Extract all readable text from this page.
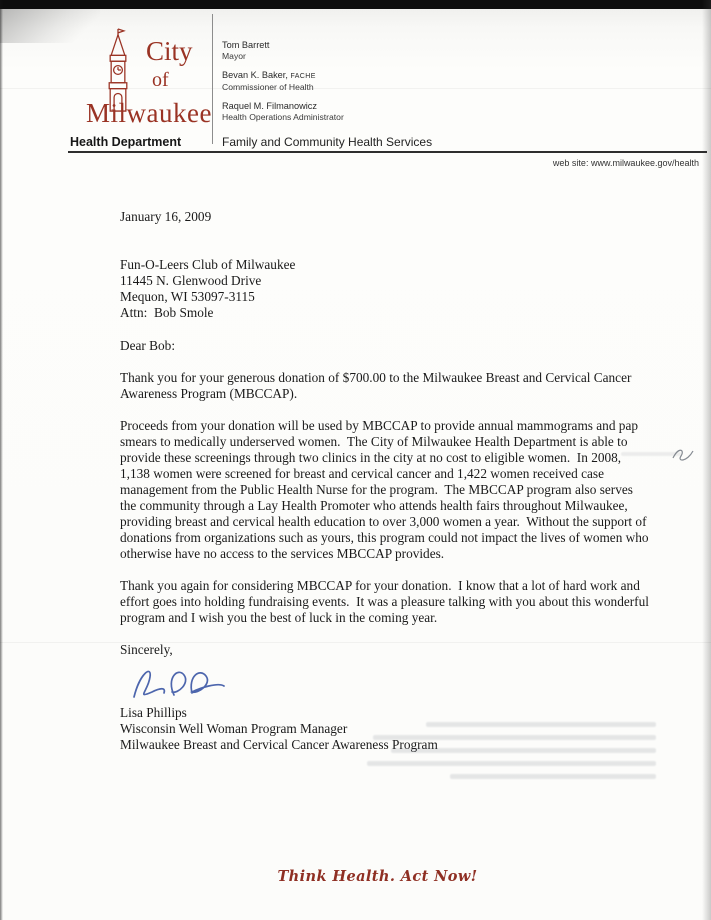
City
of
Milwaukee
Health Department
Tom Barrett
Mayor
Bevan K. Baker, FACHE
Commissioner of Health
Raquel M. Filmanowicz
Health Operations Administrator
Family and Community Health Services
web site: www.milwaukee.gov/health
January 16, 2009
Fun-O-Leers Club of Milwaukee
11445 N. Glenwood Drive
Mequon, WI 53097-3115
Attn:  Bob Smole
Dear Bob:

Thank you for your generous donation of $700.00 to the Milwaukee Breast and Cervical Cancer Awareness Program (MBCCAP).

Proceeds from your donation will be used by MBCCAP to provide annual mammograms and pap smears to medically underserved women.  The City of Milwaukee Health Department is able to provide these screenings through two clinics in the city at no cost to eligible women.  In 2008, 1,138 women were screened for breast and cervical cancer and 1,422 women received case management from the Public Health Nurse for the program.  The MBCCAP program also serves the community through a Lay Health Promoter who attends health fairs throughout Milwaukee, providing breast and cervical health education to over 3,000 women a year.  Without the support of donations from organizations such as yours, this program could not impact the lives of women who otherwise have no access to the services MBCCAP provides.

Thank you again for considering MBCCAP for your donation.  I know that a lot of hard work and effort goes into holding fundraising events.  It was a pleasure talking with you about this wonderful program and I wish you the best of luck in the coming year.

Sincerely,
Lisa Phillips
Wisconsin Well Woman Program Manager
Milwaukee Breast and Cervical Cancer Awareness Program
Think Health. Act Now!
